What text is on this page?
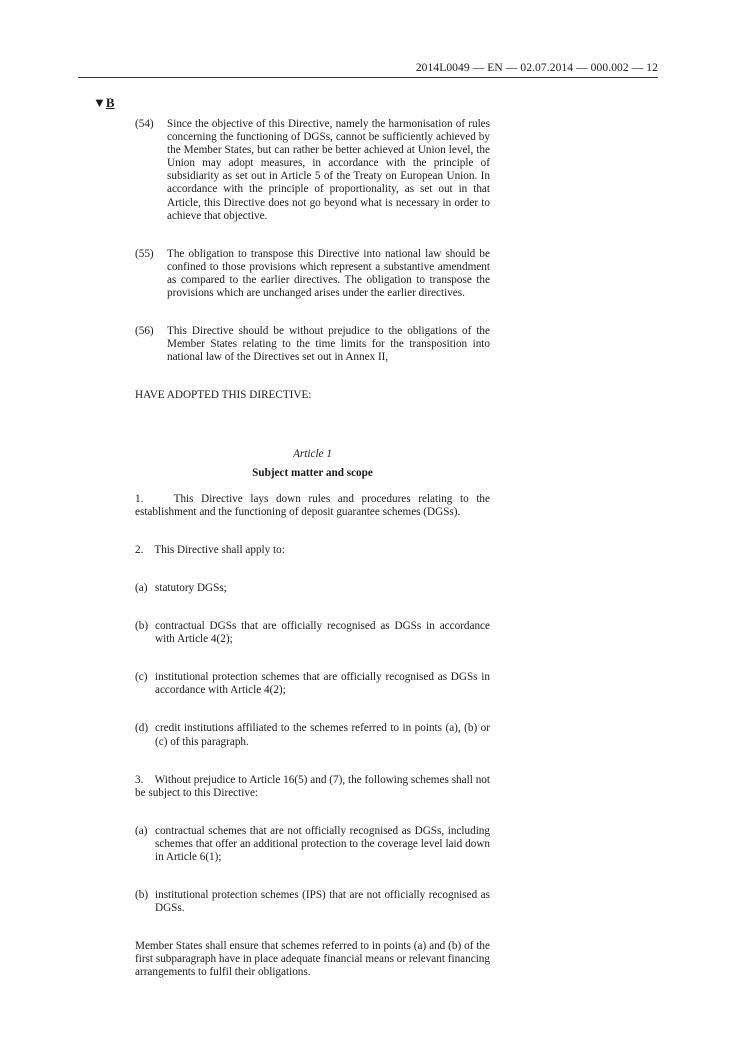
2014L0049 — EN — 02.07.2014 — 000.002 — 12
▼B
(54)	Since the objective of this Directive, namely the harmonisation of rules concerning the functioning of DGSs, cannot be sufficiently achieved by the Member States, but can rather be better achieved at Union level, the Union may adopt measures, in accordance with the principle of subsidiarity as set out in Article 5 of the Treaty on European Union. In accordance with the principle of proportionality, as set out in that Article, this Directive does not go beyond what is necessary in order to achieve that objective.

(55)	The obligation to transpose this Directive into national law should be confined to those provisions which represent a substantive amendment as compared to the earlier directives. The obligation to transpose the provisions which are unchanged arises under the earlier directives.

(56)	This Directive should be without prejudice to the obligations of the Member States relating to the time limits for the transposition into national law of the Directives set out in Annex II,

HAVE ADOPTED THIS DIRECTIVE:

Article 1

Subject matter and scope

1.    This Directive lays down rules and procedures relating to the establishment and the functioning of deposit guarantee schemes (DGSs).

2.    This Directive shall apply to:

(a) statutory DGSs;

(b) contractual DGSs that are officially recognised as DGSs in accordance with Article 4(2);

(c) institutional protection schemes that are officially recognised as DGSs in accordance with Article 4(2);

(d) credit institutions affiliated to the schemes referred to in points (a), (b) or (c) of this paragraph.

3.    Without prejudice to Article 16(5) and (7), the following schemes shall not be subject to this Directive:

(a) contractual schemes that are not officially recognised as DGSs, including schemes that offer an additional protection to the coverage level laid down in Article 6(1);

(b) institutional protection schemes (IPS) that are not officially recognised as DGSs.

Member States shall ensure that schemes referred to in points (a) and (b) of the first subparagraph have in place adequate financial means or relevant financing arrangements to fulfil their obligations.
